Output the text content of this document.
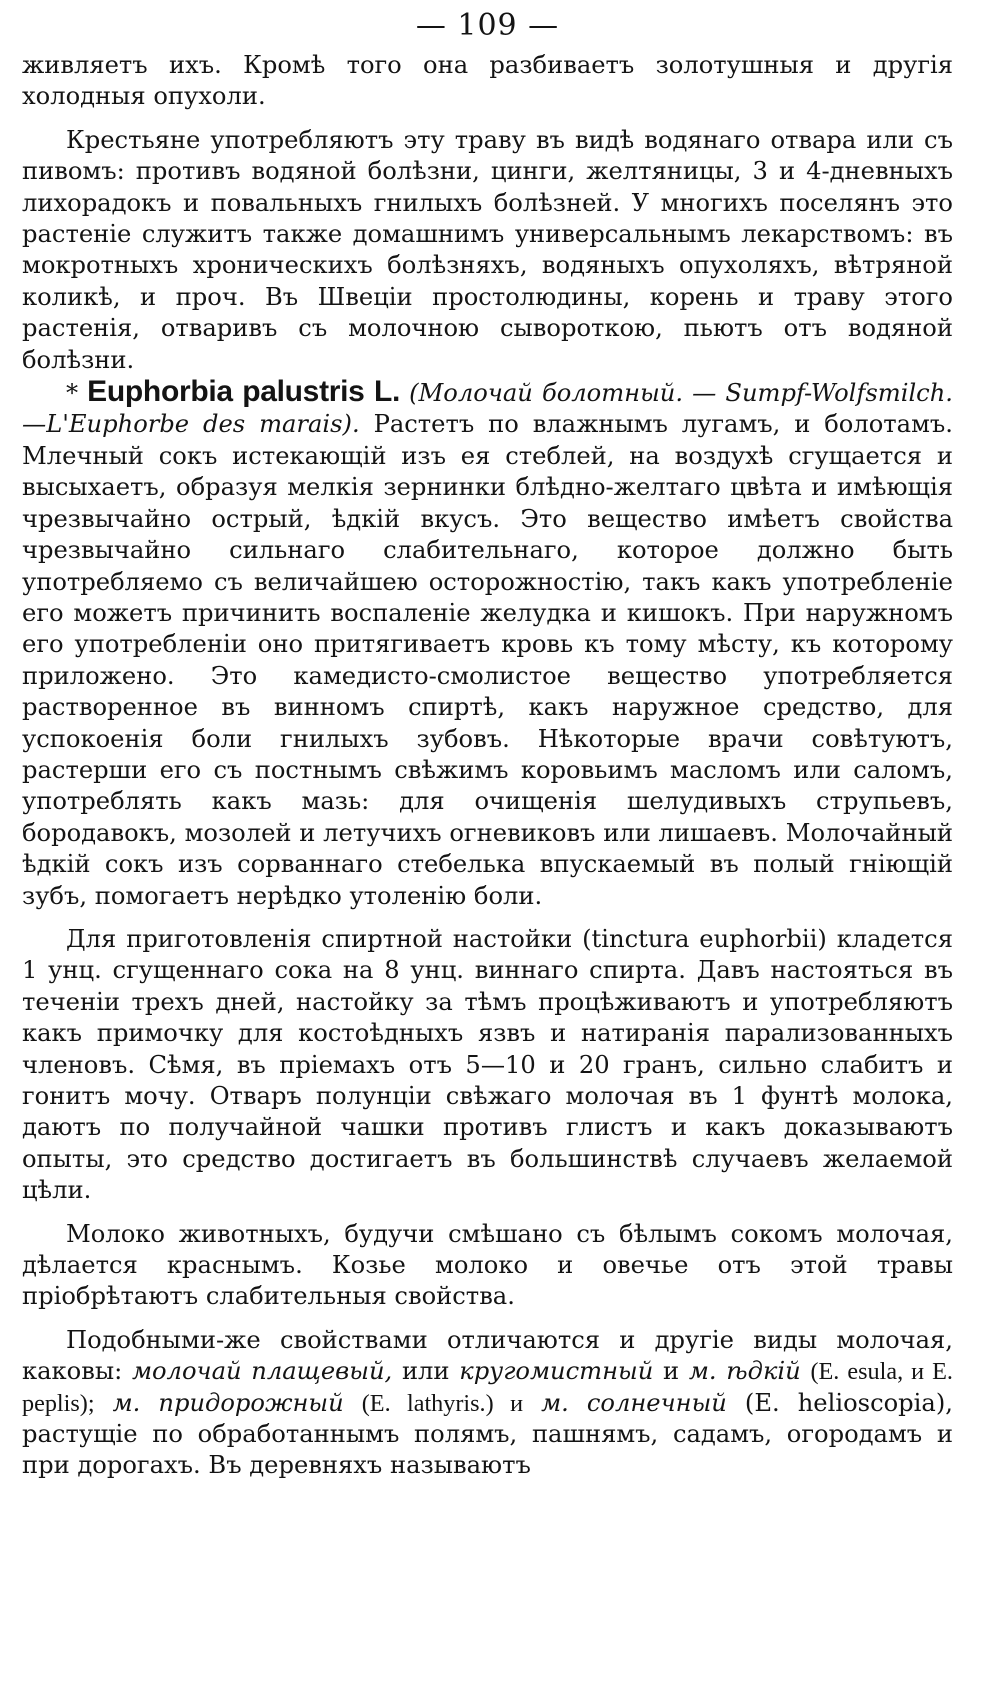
— 109 —

живляетъ ихъ. Кромѣ того она разбиваетъ золотушныя и другія холодныя опухоли.

Крестьяне употребляютъ эту траву въ видѣ водянаго отвара или съ пивомъ: противъ водяной болѣзни, цинги, желтяницы, 3 и 4-дневныхъ лихорадокъ и повальныхъ гнилыхъ болѣзней. У многихъ поселянъ это растеніе служитъ также домашнимъ универсальнымъ лекарствомъ: въ мокротныхъ хроническихъ болѣзняхъ, водяныхъ опухоляхъ, вѣтряной коликѣ, и проч. Въ Швеціи простолюдины, корень и траву этого растенія, отваривъ съ молочною сывороткою, пьютъ отъ водяной болѣзни.

* Euphorbia palustris L. (Молочай болотный. — Sumpf-Wolfsmilch.—L'Euphorbe des marais). Растетъ по влажнымъ лугамъ, и болотамъ. Млечный сокъ истекающій изъ ея стеблей, на воздухѣ сгущается и высыхаетъ, образуя мелкія зернинки блѣдно-желтаго цвѣта и имѣющія чрезвычайно острый, ѣдкій вкусъ. Это вещество имѣетъ свойства чрезвычайно сильнаго слабительнаго, которое должно быть употребляемо съ величайшею осторожностію, такъ какъ употребленіе его можетъ причинить воспаленіе желудка и кишокъ. При наружномъ его употребленіи оно притягиваетъ кровь къ тому мѣсту, къ которому приложено. Это камедисто-смолистое вещество употребляется растворенное въ винномъ спиртѣ, какъ наружное средство, для успокоенія боли гнилыхъ зубовъ. Нѣкоторые врачи совѣтуютъ, растерши его съ постнымъ свѣжимъ коровьимъ масломъ или саломъ, употреблять какъ мазь: для очищенія шелудивыхъ струпьевъ, бородавокъ, мозолей и летучихъ огневиковъ или лишаевъ. Молочайный ѣдкій сокъ изъ сорваннаго стебелька впускаемый въ полый гніющій зубъ, помогаетъ нерѣдко утоленію боли.

Для приготовленія спиртной настойки (tinctura euphorbii) кладется 1 унц. сгущеннаго сока на 8 унц. виннаго спирта. Давъ настояться въ теченіи трехъ дней, настойку за тѣмъ процѣживаютъ и употребляютъ какъ примочку для костоѣдныхъ язвъ и натиранія парализованныхъ членовъ. Сѣмя, въ пріемахъ отъ 5—10 и 20 гранъ, сильно слабитъ и гонитъ мочу. Отваръ полунціи свѣжаго молочая въ 1 фунтѣ молока, даютъ по получайной чашки противъ глистъ и какъ доказываютъ опыты, это средство достигаетъ въ большинствѣ случаевъ желаемой цѣли.

Молоко животныхъ, будучи смѣшано съ бѣлымъ сокомъ молочая, дѣлается краснымъ. Козье молоко и овечье отъ этой травы пріобрѣтаютъ слабительныя свойства.

Подобными-же свойствами отличаются и другіе виды молочая, каковы: молочай плащевый, или кругомистный и м. ѣдкій (E. esula, и E. peplis); м. придорожный (E. lathyris.) и м. солнечный (E. helioscopia), растущіе по обработаннымъ полямъ, пашнямъ, садамъ, огородамъ и при дорогахъ. Въ деревняхъ называютъ
